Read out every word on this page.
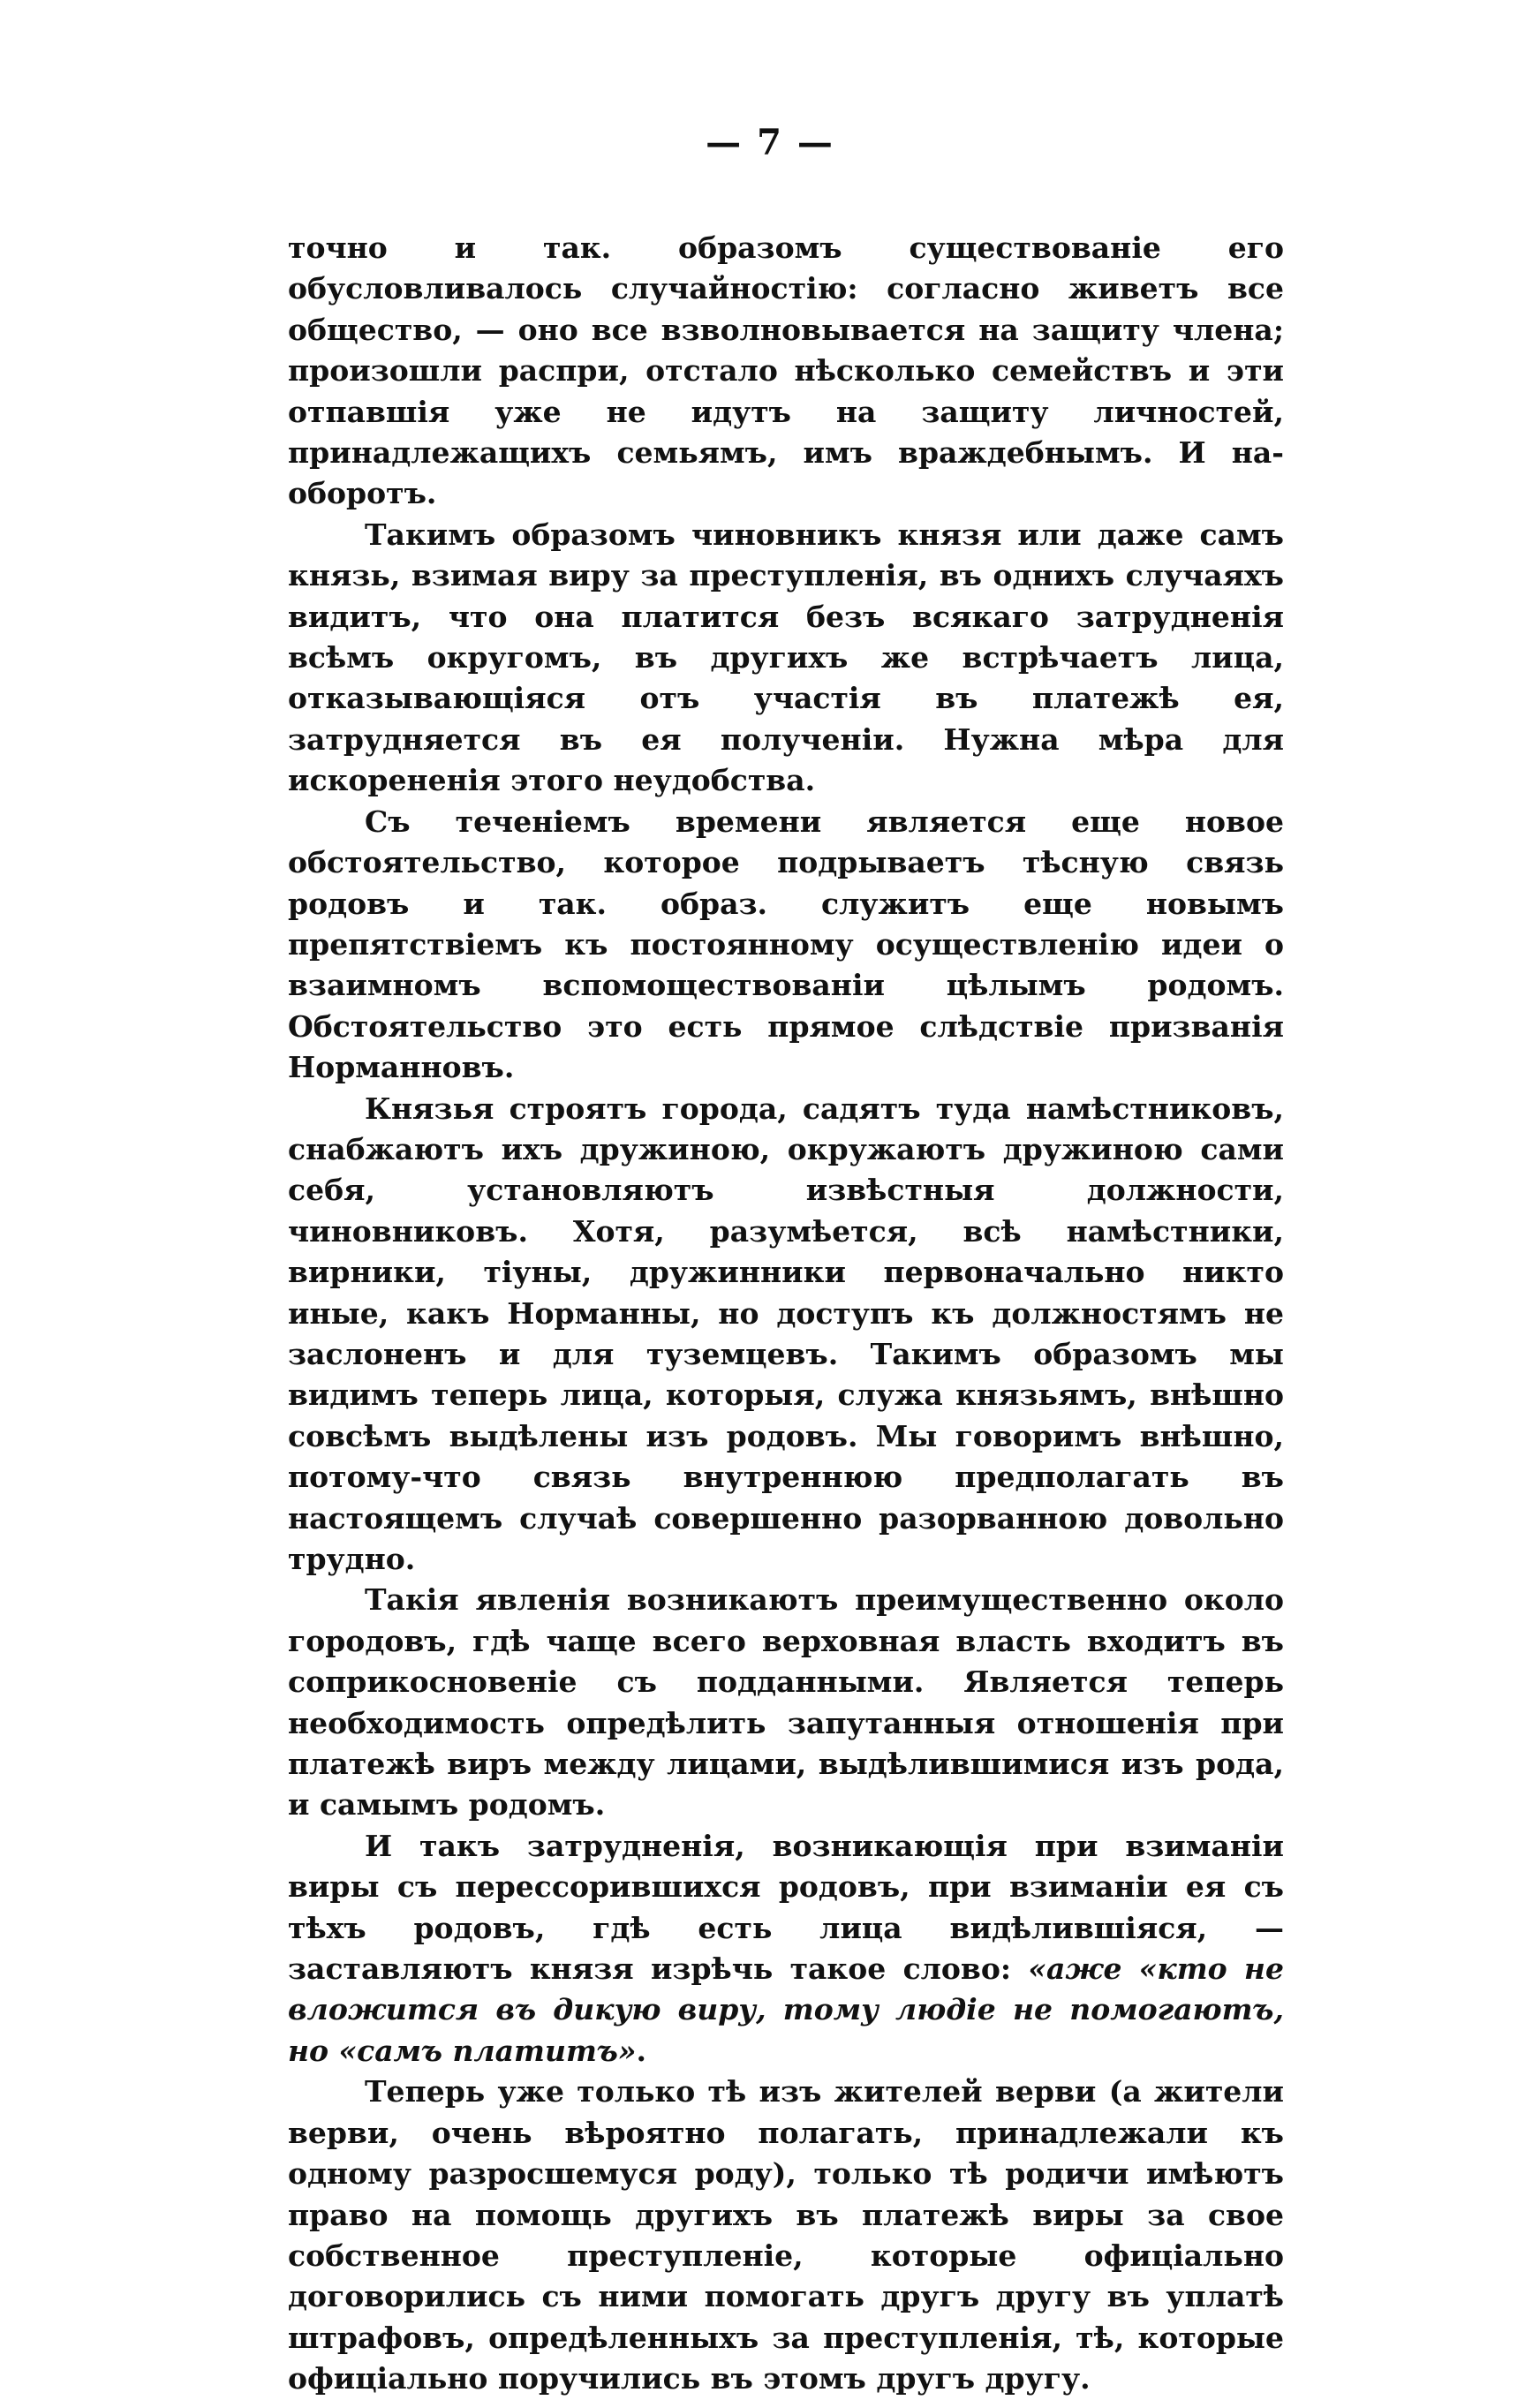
— 7 —

точно и так. образомъ существованіе его обусловливалось случайностію: согласно живетъ все общество, — оно все взволновывается на защиту члена; произошли распри, отстало нѣсколько семействъ и эти отпавшія уже не идутъ на защиту личностей, принадлежащихъ семьямъ, имъ враждебнымъ. И на-оборотъ.

Такимъ образомъ чиновникъ князя или даже самъ князь, взимая виру за преступленія, въ однихъ случаяхъ видитъ, что она платится безъ всякаго затрудненія всѣмъ округомъ, въ другихъ же встрѣчаетъ лица, отказывающіяся отъ участія въ платежѣ ея, затрудняется въ ея полученіи. Нужна мѣра для искорененія этого неудобства.

Съ теченіемъ времени является еще новое обстоятельство, которое подрываетъ тѣсную связь родовъ и так. образ. служитъ еще новымъ препятствіемъ къ постоянному осуществленію идеи о взаимномъ вспомоществованіи цѣлымъ родомъ. Обстоятельство это есть прямое слѣдствіе призванія Норманновъ.

Князья строятъ города, садятъ туда намѣстниковъ, снабжаютъ ихъ дружиною, окружаютъ дружиною сами себя, установляютъ извѣстныя должности, чиновниковъ. Хотя, разумѣется, всѣ намѣстники, вирники, тіуны, дружинники первоначально никто иные, какъ Норманны, но доступъ къ должностямъ не заслоненъ и для туземцевъ. Такимъ образомъ мы видимъ теперь лица, которыя, служа князьямъ, внѣшно совсѣмъ выдѣлены изъ родовъ. Мы говоримъ внѣшно, потому-что связь внутреннюю предполагать въ настоящемъ случаѣ совершенно разорванною довольно трудно.

Такія явленія возникаютъ преимущественно около городовъ, гдѣ чаще всего верховная власть входитъ въ соприкосновеніе съ подданными. Является теперь необходимость опредѣлить запутанныя отношенія при платежѣ виръ между лицами, выдѣлившимися изъ рода, и самымъ родомъ.

И такъ затрудненія, возникающія при взиманіи виры съ перессорившихся родовъ, при взиманіи ея съ тѣхъ родовъ, гдѣ есть лица видѣлившіяся, — заставляютъ князя изрѣчь такое слово: «аже «кто не вложится въ дикую виру, тому людіе не помогаютъ, но «самъ платитъ».

Теперь уже только тѣ изъ жителей верви (а жители верви, очень вѣроятно полагать, принадлежали къ одному разросшемуся роду), только тѣ родичи имѣютъ право на помощь другихъ въ платежѣ виры за свое собственное преступленіе, которые офиціально договорились съ ними помогать другъ другу въ уплатѣ штрафовъ, опредѣленныхъ за преступленія, тѣ, которые офиціально поручились въ этомъ другъ другу.
